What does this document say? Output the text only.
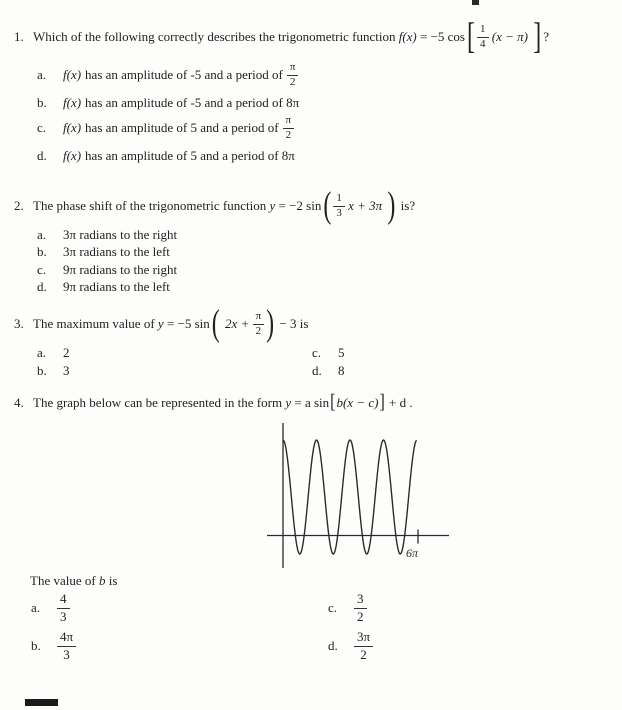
1. Which of the following correctly describes the trigonometric function f(x) = −5 cos [ $\frac{1}{4} (x - \pi)$ ] ?
a.	f(x) has an amplitude of -5 and a period of $\frac{\pi}{2}$
b.	f(x) has an amplitude of -5 and a period of 8π
c.	f(x) has an amplitude of 5 and a period of $\frac{\pi}{2}$
d.	f(x) has an amplitude of 5 and a period of 8π
2. The phase shift of the trigonometric function y = −2 sin ( $\frac{1}{3}$ x + 3π ) is?
a.	3π radians to the right
b.	3π radians to the left
c.	9π radians to the right
d.	9π radians to the left
3. The maximum value of y = −5 sin ( $2x + \frac{\pi}{2}$ ) − 3 is
a.	2	c.	5
b.	3	d.	8
4. The graph below can be represented in the form y = a sin [ b(x − c) ] + d .
6π
The value of b is
a.	$\frac{4}{3}$	c.	$\frac{3}{2}$
b.	$\frac{4\pi}{3}$	d.	$\frac{3\pi}{2}$
